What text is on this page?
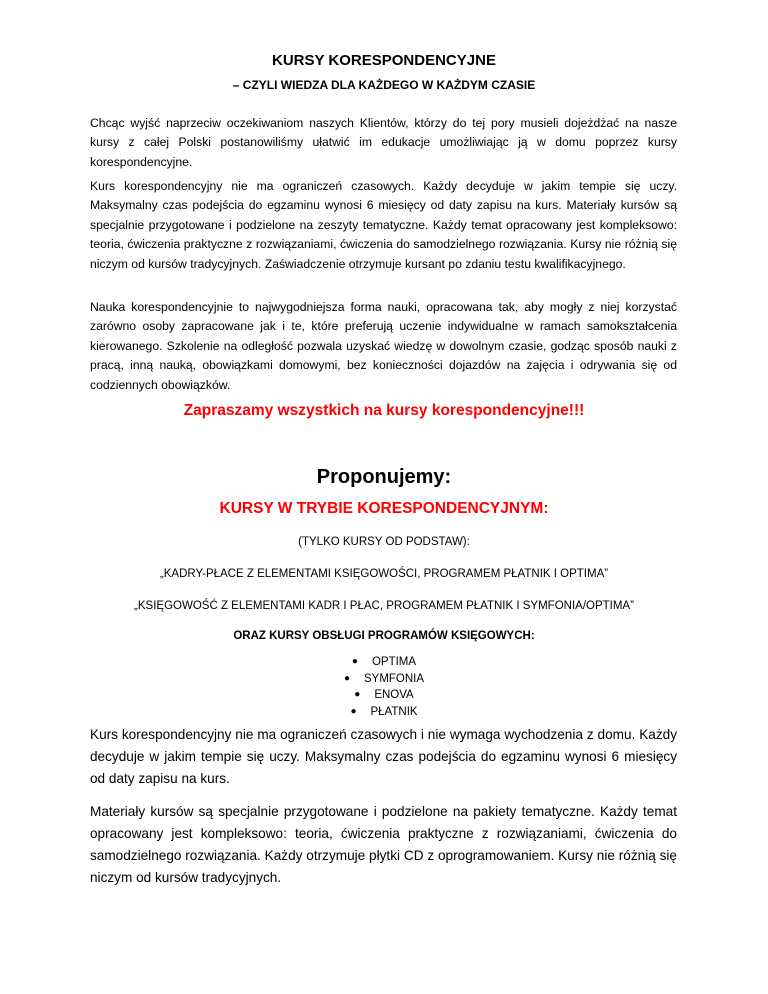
KURSY KORESPONDENCYJNE
– CZYLI WIEDZA DLA KAŻDEGO W KAŻDYM CZASIE
Chcąc wyjść naprzeciw oczekiwaniom naszych Klientów, którzy do tej pory musieli dojeżdżać na nasze kursy z całej Polski postanowiliśmy ułatwić im edukacje umożliwiając ją w domu poprzez kursy korespondencyjne.
Kurs korespondencyjny nie ma ograniczeń czasowych. Każdy decyduje w jakim tempie się uczy. Maksymalny czas podejścia do egzaminu wynosi 6 miesięcy od daty zapisu na kurs. Materiały kursów są specjalnie przygotowane i podzielone na zeszyty tematyczne. Każdy temat opracowany jest kompleksowo: teoria, ćwiczenia praktyczne z rozwiązaniami, ćwiczenia do samodzielnego rozwiązania. Kursy nie różnią się niczym od kursów tradycyjnych. Zaświadczenie otrzymuje kursant po zdaniu testu kwalifikacyjnego.
Nauka korespondencyjnie to najwygodniejsza forma nauki, opracowana tak, aby mogły z niej korzystać zarówno osoby zapracowane jak i te, które preferują uczenie indywidualne w ramach samokształcenia kierowanego. Szkolenie na odległość pozwala uzyskać wiedzę w dowolnym czasie, godząc sposób nauki z pracą, inną nauką, obowiązkami domowymi, bez konieczności dojazdów na zajęcia i odrywania się od codziennych obowiązków.
Zapraszamy wszystkich na kursy korespondencyjne!!!
Proponujemy:
KURSY W TRYBIE KORESPONDENCYJNYM:
(TYLKO KURSY OD PODSTAW):
„KADRY-PŁACE Z ELEMENTAMI KSIĘGOWOŚCI, PROGRAMEM PŁATNIK I OPTIMA”
„KSIĘGOWOŚĆ Z ELEMENTAMI KADR I PŁAC, PROGRAMEM PŁATNIK I SYMFONIA/OPTIMA”
ORAZ KURSY OBSŁUGI PROGRAMÓW KSIĘGOWYCH:
● OPTIMA
● SYMFONIA
● ENOVA
● PŁATNIK
Kurs korespondencyjny nie ma ograniczeń czasowych i nie wymaga wychodzenia z domu. Każdy decyduje w jakim tempie się uczy. Maksymalny czas podejścia do egzaminu wynosi 6 miesięcy od daty zapisu na kurs.
Materiały kursów są specjalnie przygotowane i podzielone na pakiety tematyczne. Każdy temat opracowany jest kompleksowo: teoria, ćwiczenia praktyczne z rozwiązaniami, ćwiczenia do samodzielnego rozwiązania. Każdy otrzymuje płytki CD z oprogramowaniem. Kursy nie różnią się niczym od kursów tradycyjnych.
